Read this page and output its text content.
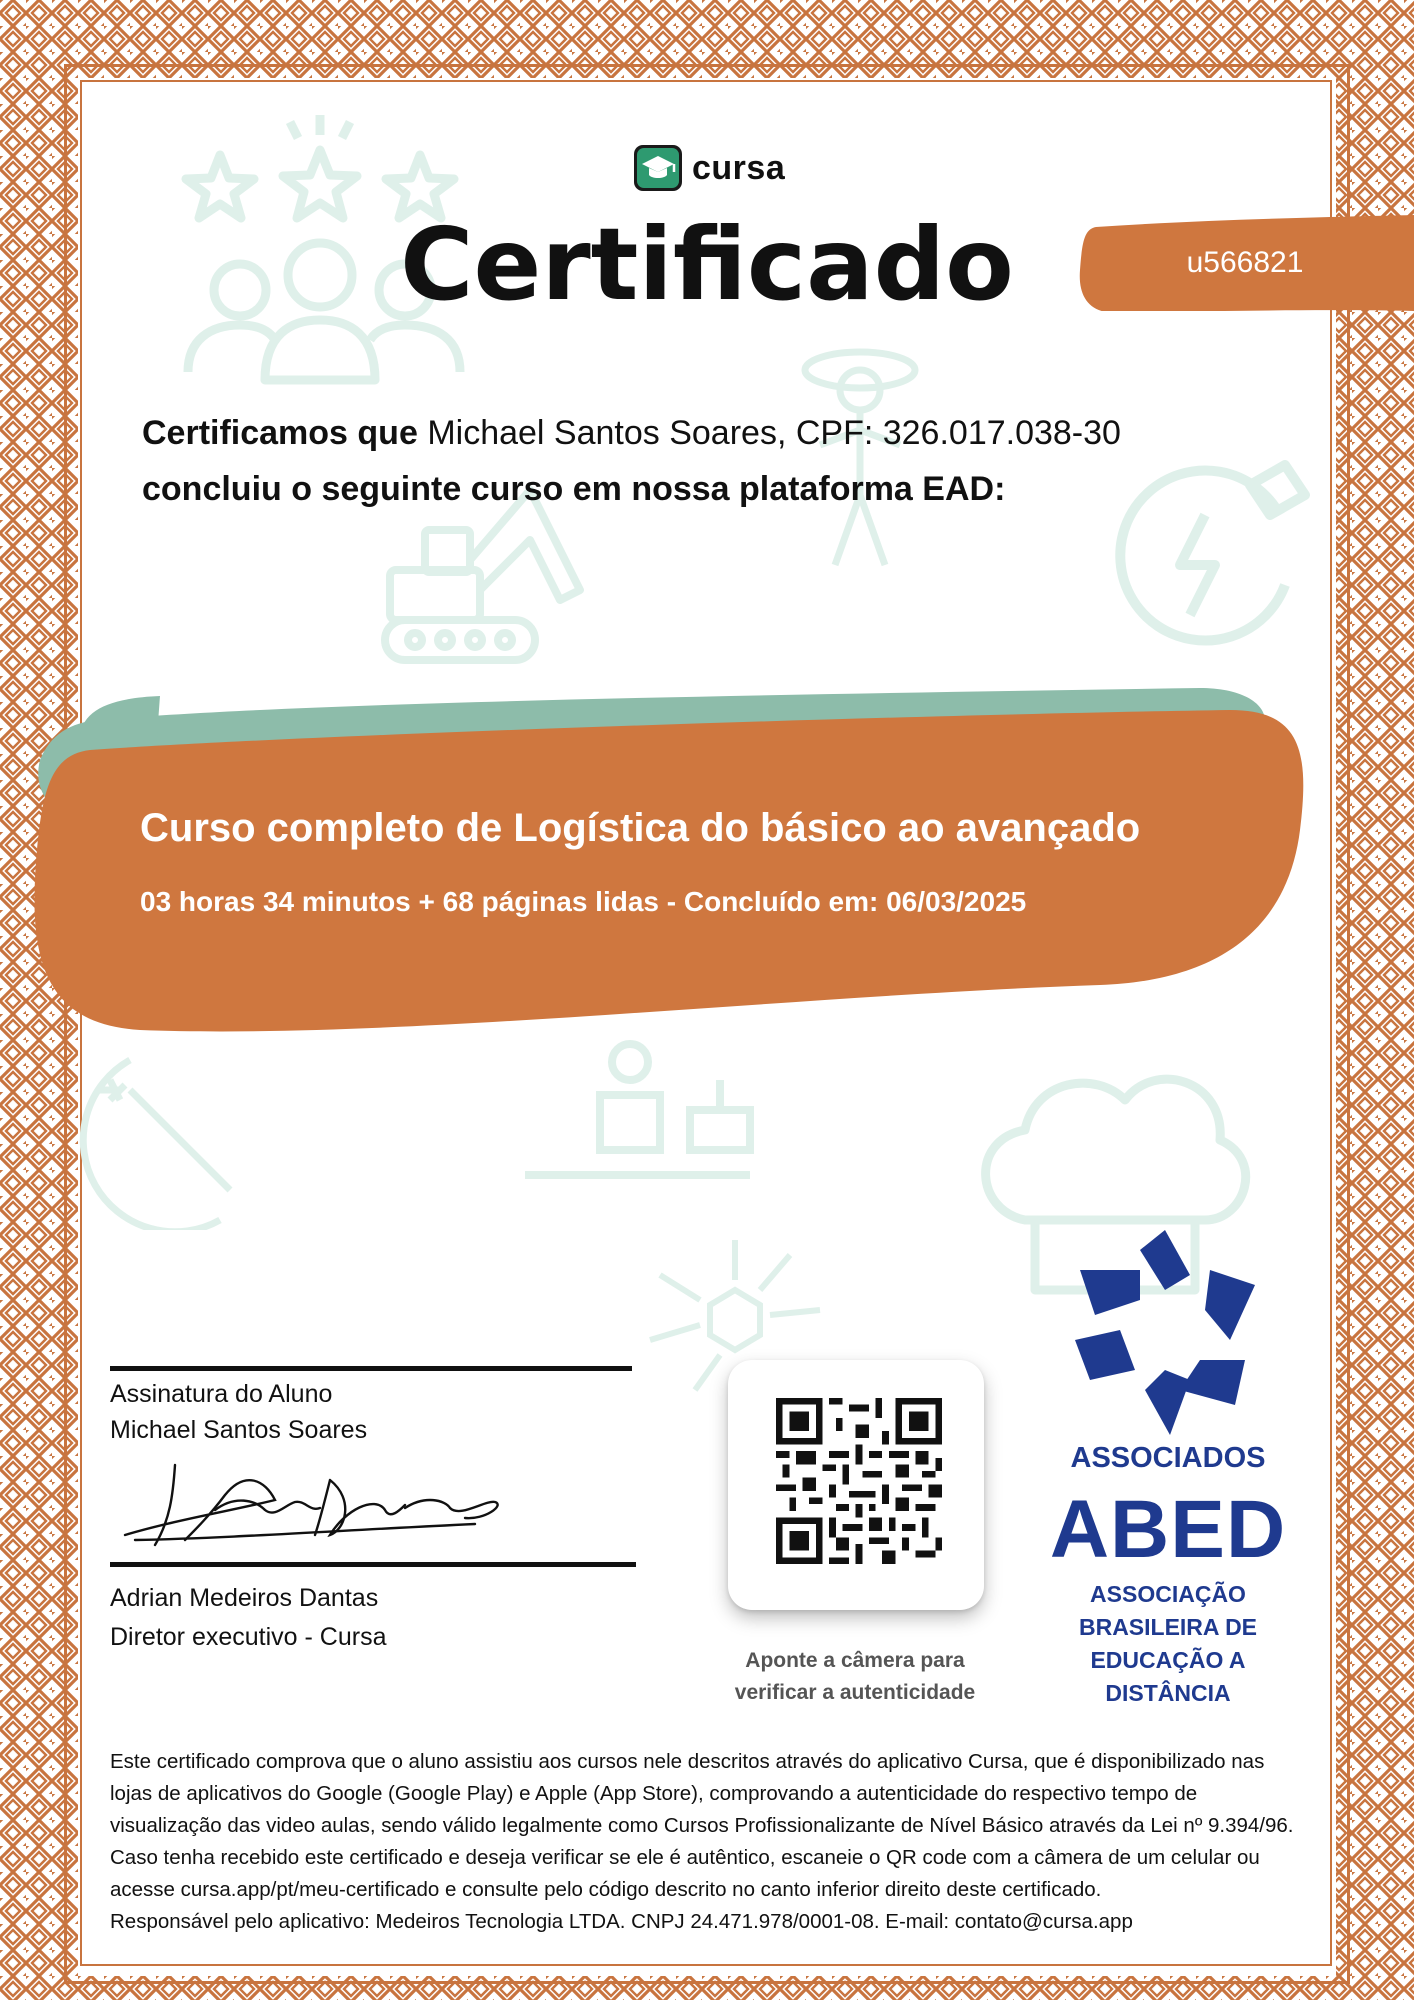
cursa
Certificado	u566821
Certificamos que Michael Santos Soares, CPF: 326.017.038-30
concluiu o seguinte curso em nossa plataforma EAD:
Curso completo de Logística do básico ao avançado
03 horas 34 minutos + 68 páginas lidas - Concluído em: 06/03/2025
Assinatura do Aluno
Michael Santos Soares
Adrian Medeiros Dantas
Diretor executivo - Cursa
Aponte a câmera para
verificar a autenticidade
ASSOCIADOS
ABED
ASSOCIAÇÃO
BRASILEIRA DE
EDUCAÇÃO A
DISTÂNCIA
Este certificado comprova que o aluno assistiu aos cursos nele descritos através do aplicativo Cursa, que é disponibilizado nas lojas de aplicativos do Google (Google Play) e Apple (App Store), comprovando a autenticidade do respectivo tempo de visualização das video aulas, sendo válido legalmente como Cursos Profissionalizante de Nível Básico através da Lei nº 9.394/96. Caso tenha recebido este certificado e deseja verificar se ele é autêntico, escaneie o QR code com a câmera de um celular ou acesse cursa.app/pt/meu-certificado e consulte pelo código descrito no canto inferior direito deste certificado.
Responsável pelo aplicativo: Medeiros Tecnologia LTDA. CNPJ 24.471.978/0001-08. E-mail: contato@cursa.app
